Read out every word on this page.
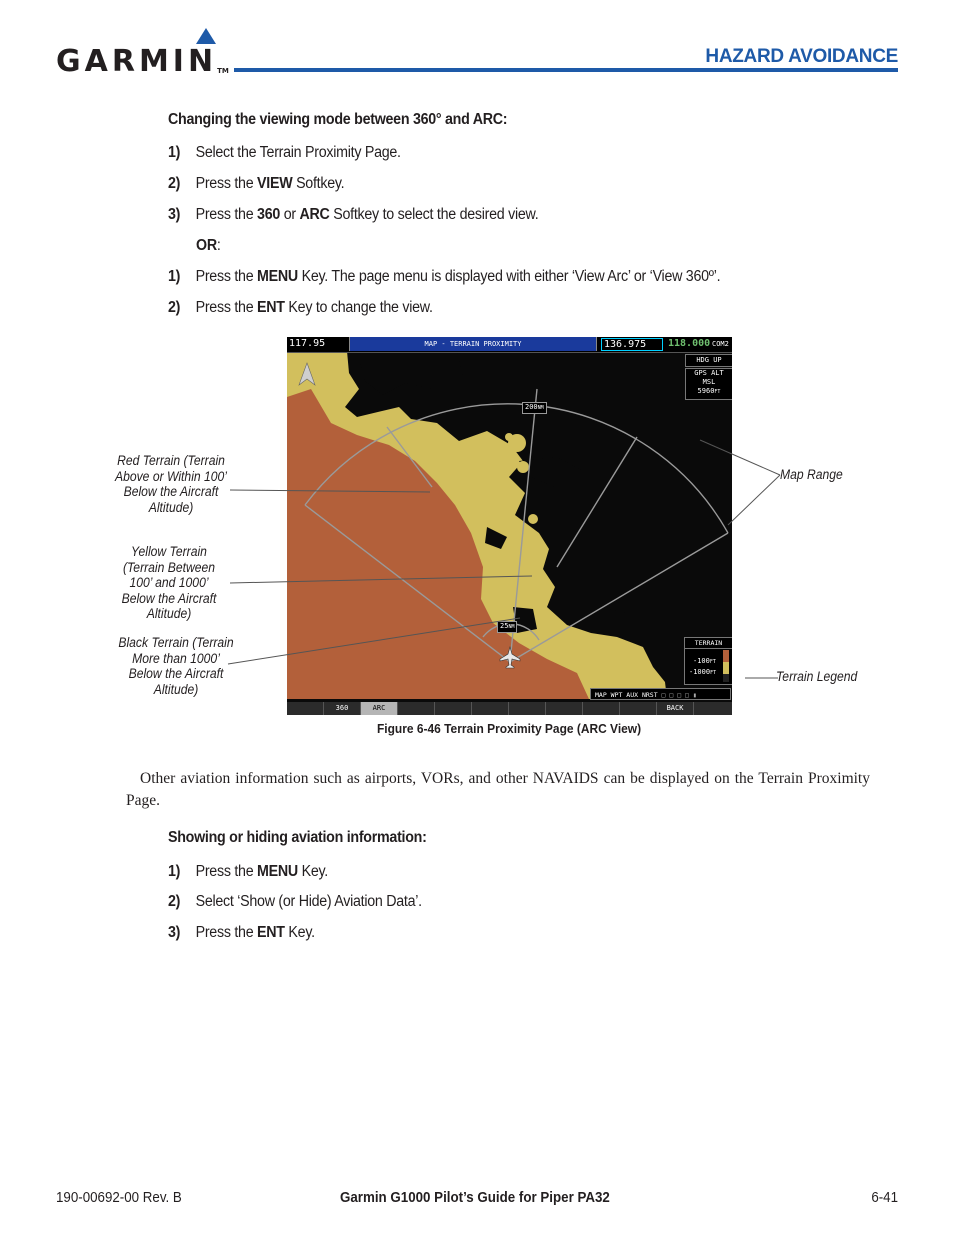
GARMINTM
HAZARD AVOIDANCE
Changing the viewing mode between 360° and ARC:
1) Select the Terrain Proximity Page.
2) Press the VIEW Softkey.
3) Press the 360 or ARC Softkey to select the desired view.
OR:
1) Press the MENU Key. The page menu is displayed with either ‘View Arc’ or ‘View 360º’.
2) Press the ENT Key to change the view.
117.95	MAP - TERRAIN PROXIMITY	136.975	118.000 COM2
HDG UP
GPS ALT
MSL
5960FT
200NM
25NM
TERRAIN
-100FT
-1000FT
MAP WPT AUX NRST □ □ □ □ ▮
360	ARC	BACK
Red Terrain (Terrain
Above or Within 100’
Below the Aircraft
Altitude)
Yellow Terrain
(Terrain Between
100’ and 1000’
Below the Aircraft
Altitude)
Black Terrain (Terrain
More than 1000’
Below the Aircraft
Altitude)
Map Range
Terrain Legend
Figure 6-46 Terrain Proximity Page (ARC View)
Other aviation information such as airports, VORs, and other NAVAIDS can be displayed on the Terrain Proximity Page.
Showing or hiding aviation information:
1) Press the MENU Key.
2) Select ‘Show (or Hide) Aviation Data’.
3) Press the ENT Key.
190-00692-00 Rev. B	Garmin G1000 Pilot’s Guide for Piper PA32	6-41
